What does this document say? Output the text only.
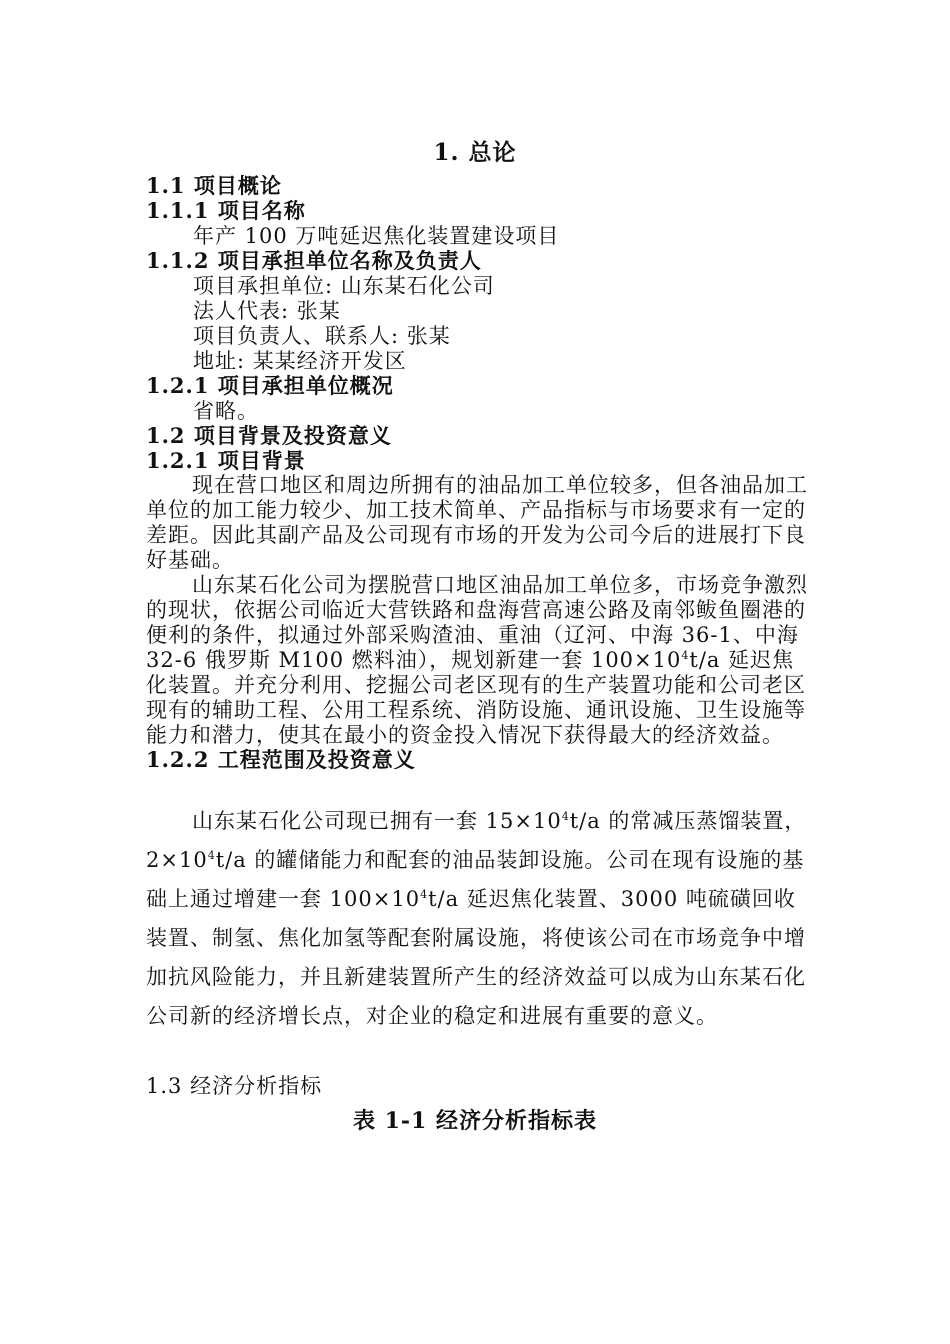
1. 总论
1.1 项目概论
1.1.1 项目名称
年产 100 万吨延迟焦化装置建设项目
1.1.2 项目承担单位名称及负责人
项目承担单位: 山东某石化公司
法人代表: 张某
项目负责人、联系人: 张某
地址: 某某经济开发区
1.2.1 项目承担单位概况
省略。
1.2 项目背景及投资意义
1.2.1 项目背景

现在营口地区和周边所拥有的油品加工单位较多，但各油品加工单位的加工能力较少、加工技术简单、产品指标与市场要求有一定的差距。因此其副产品及公司现有市场的开发为公司今后的进展打下良好基础。

山东某石化公司为摆脱营口地区油品加工单位多，市场竞争激烈的现状，依据公司临近大营铁路和盘海营高速公路及南邻鲅鱼圈港的便利的条件，拟通过外部采购渣油、重油（辽河、中海 36-1、中海 32-6 俄罗斯 M100 燃料油），规划新建一套 $100\times 10^4t/a$ 延迟焦化装置。并充分利用、挖掘公司老区现有的生产装置功能和公司老区现有的辅助工程、公用工程系统、消防设施、通讯设施、卫生设施等能力和潜力，使其在最小的资金投入情况下获得最大的经济效益。

1.2.2 工程范围及投资意义

山东某石化公司现已拥有一套 $15\times 10^4t/a$ 的常减压蒸馏装置，$2\times 10^4t/a$ 的罐储能力和配套的油品装卸设施。公司在现有设施的基础上通过增建一套 $100\times 10^4t/a$ 延迟焦化装置、3000 吨硫磺回收装置、制氢、焦化加氢等配套附属设施，将使该公司在市场竞争中增加抗风险能力，并且新建装置所产生的经济效益可以成为山东某石化公司新的经济增长点，对企业的稳定和进展有重要的意义。

1.3 经济分析指标
表 1-1 经济分析指标表
